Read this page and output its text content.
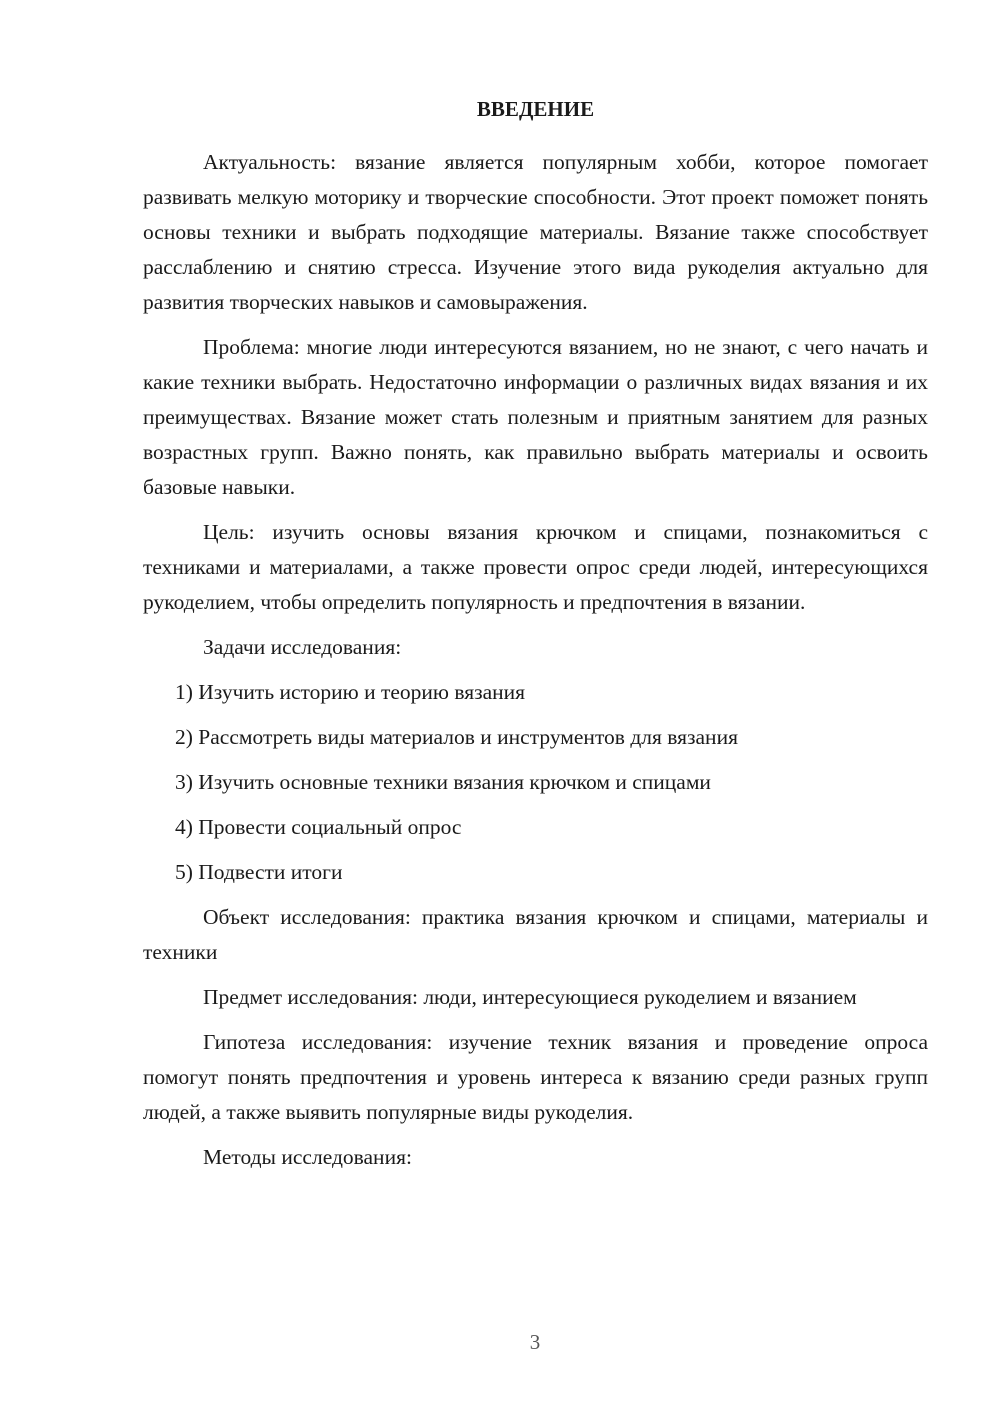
ВВЕДЕНИЕ

Актуальность: вязание является популярным хобби, которое помогает развивать мелкую моторику и творческие способности. Этот проект поможет понять основы техники и выбрать подходящие материалы. Вязание также способствует расслаблению и снятию стресса. Изучение этого вида рукоделия актуально для развития творческих навыков и самовыражения.

Проблема: многие люди интересуются вязанием, но не знают, с чего начать и какие техники выбрать. Недостаточно информации о различных видах вязания и их преимуществах. Вязание может стать полезным и приятным занятием для разных возрастных групп. Важно понять, как правильно выбрать материалы и освоить базовые навыки.

Цель: изучить основы вязания крючком и спицами, познакомиться с техниками и материалами, а также провести опрос среди людей, интересующихся рукоделием, чтобы определить популярность и предпочтения в вязании.

Задачи исследования:

1) Изучить историю и теорию вязания
2) Рассмотреть виды материалов и инструментов для вязания
3) Изучить основные техники вязания крючком и спицами
4) Провести социальный опрос
5) Подвести итоги

Объект исследования: практика вязания крючком и спицами, материалы и техники

Предмет исследования: люди, интересующиеся рукоделием и вязанием

Гипотеза исследования: изучение техник вязания и проведение опроса помогут понять предпочтения и уровень интереса к вязанию среди разных групп людей, а также выявить популярные виды рукоделия.

Методы исследования:

3
